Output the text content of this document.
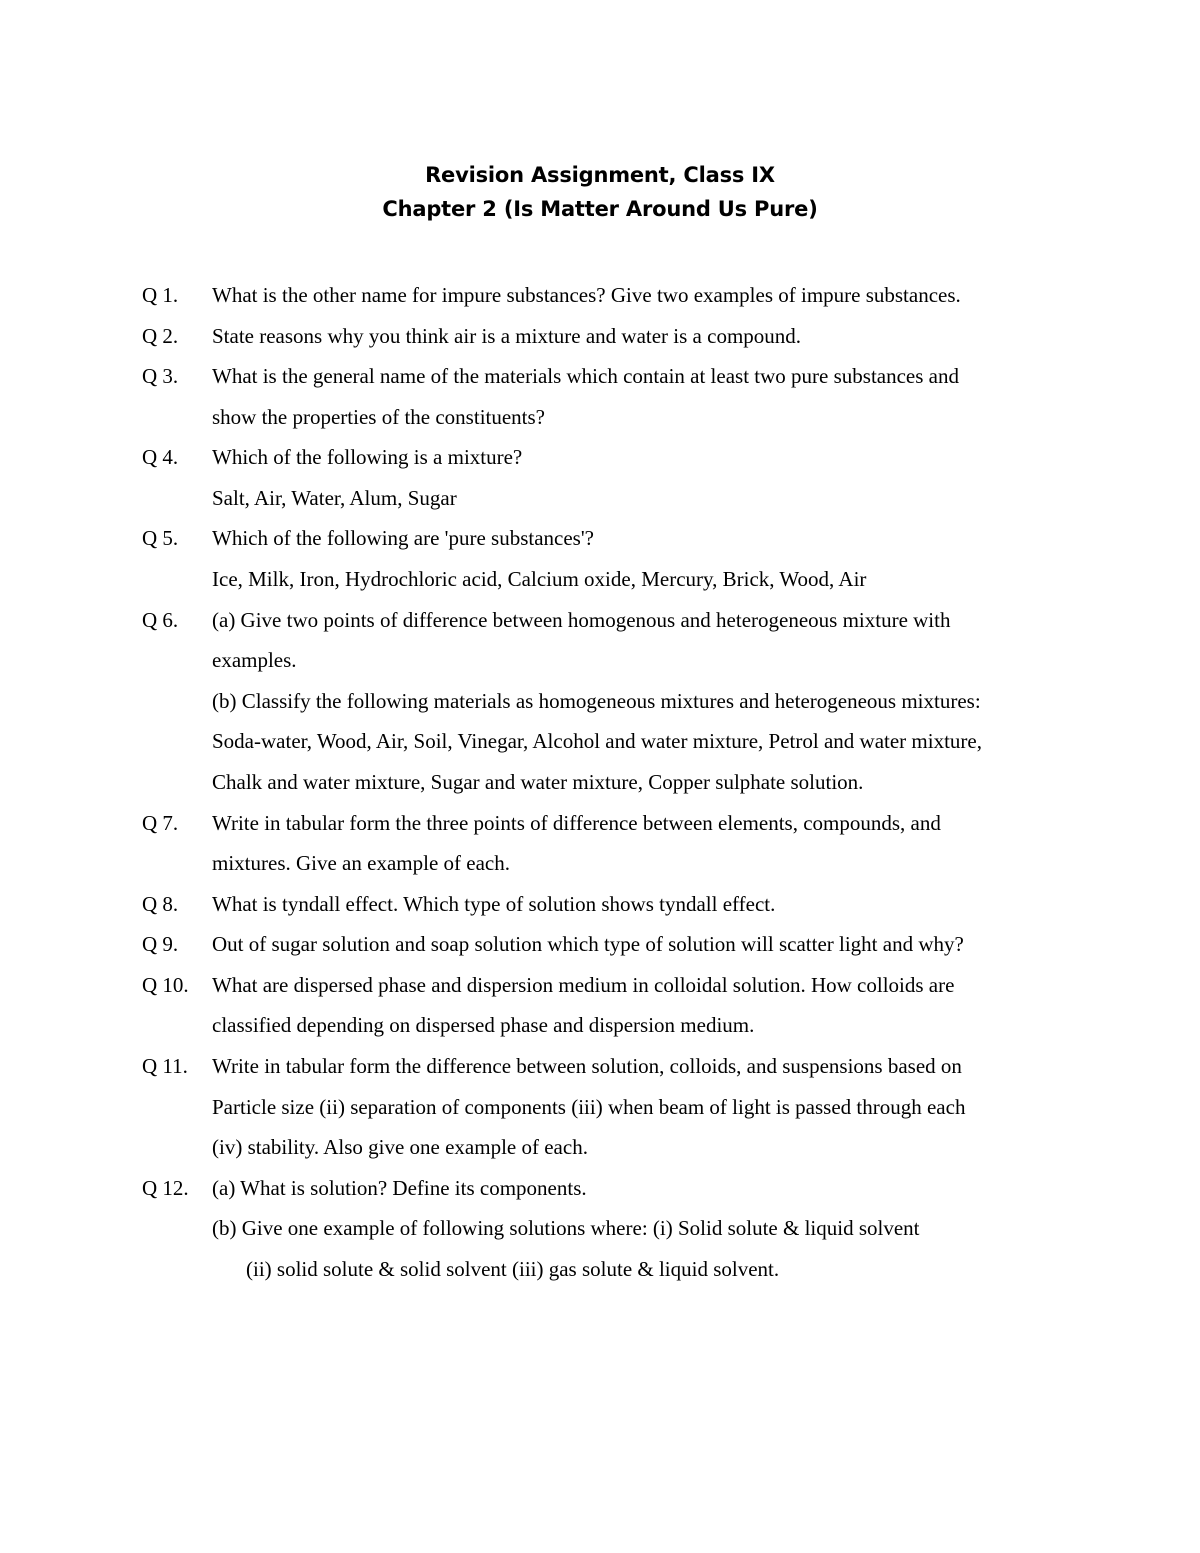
Revision Assignment, Class IX
Chapter 2 (Is Matter Around Us Pure)
Q 1. What is the other name for impure substances? Give two examples of impure substances.
Q 2. State reasons why you think air is a mixture and water is a compound.
Q 3. What is the general name of the materials which contain at least two pure substances and
show the properties of the constituents?
Q 4. Which of the following is a mixture?
Salt, Air, Water, Alum, Sugar
Q 5. Which of the following are 'pure substances'?
Ice, Milk, Iron, Hydrochloric acid, Calcium oxide, Mercury, Brick, Wood, Air
Q 6. (a) Give two points of difference between homogenous and heterogeneous mixture with
examples.
(b) Classify the following materials as homogeneous mixtures and heterogeneous mixtures:
Soda-water, Wood, Air, Soil, Vinegar, Alcohol and water mixture, Petrol and water mixture,
Chalk and water mixture, Sugar and water mixture, Copper sulphate solution.
Q 7. Write in tabular form the three points of difference between elements, compounds, and
mixtures. Give an example of each.
Q 8. What is tyndall effect. Which type of solution shows tyndall effect.
Q 9. Out of sugar solution and soap solution which type of solution will scatter light and why?
Q 10. What are dispersed phase and dispersion medium in colloidal solution. How colloids are
classified depending on dispersed phase and dispersion medium.
Q 11. Write in tabular form the difference between solution, colloids, and suspensions based on
Particle size (ii) separation of components (iii) when beam of light is passed through each
(iv) stability. Also give one example of each.
Q 12. (a) What is solution? Define its components.
(b) Give one example of following solutions where: (i) Solid solute & liquid solvent
(ii) solid solute & solid solvent (iii) gas solute & liquid solvent.
